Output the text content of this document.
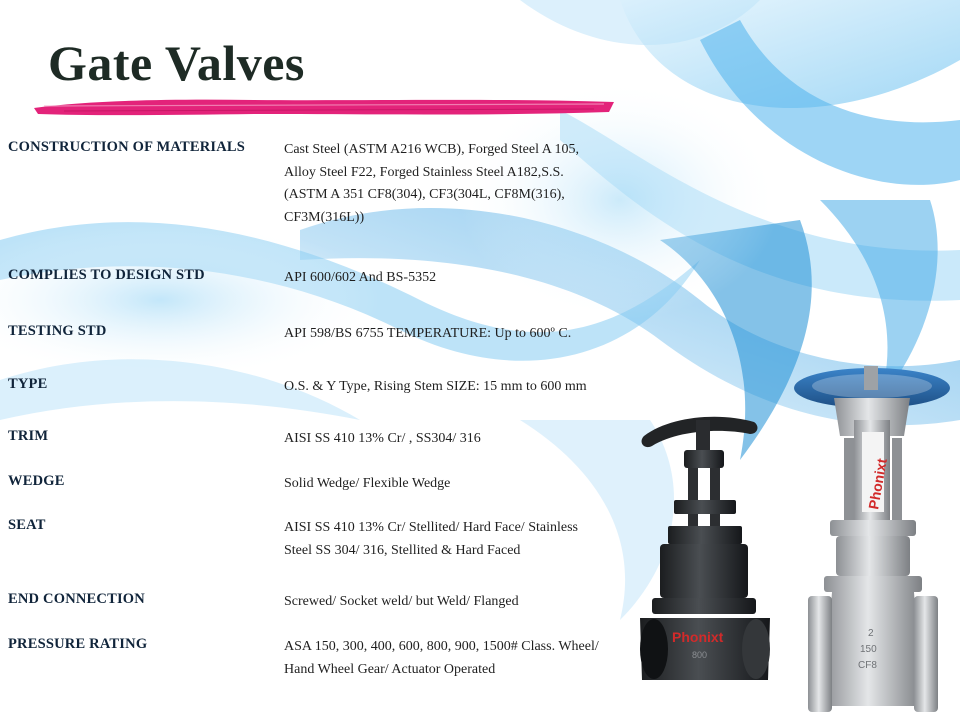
Gate Valves
CONSTRUCTION OF MATERIALS	Cast Steel (ASTM A216 WCB), Forged Steel A 105, Alloy Steel F22, Forged Stainless Steel A182,S.S.(ASTM A 351 CF8(304), CF3(304L, CF8M(316), CF3M(316L))
COMPLIES TO DESIGN STD	API 600/602 And BS-5352
TESTING STD	API 598/BS 6755 TEMPERATURE: Up to 600º C.
TYPE	O.S. & Y Type, Rising Stem SIZE: 15 mm to 600 mm
TRIM	AISI SS 410 13% Cr/ , SS304/ 316
WEDGE	Solid Wedge/ Flexible Wedge
SEAT	AISI SS 410 13% Cr/ Stellited/ Hard Face/ Stainless Steel SS 304/ 316, Stellited & Hard Faced
END CONNECTION	Screwed/ Socket weld/ but Weld/ Flanged
PRESSURE RATING	ASA 150, 300, 400, 600, 800, 900, 1500# Class. Wheel/ Hand Wheel Gear/ Actuator Operated
Phonixt
800
Phonixt
2
150
CF8
